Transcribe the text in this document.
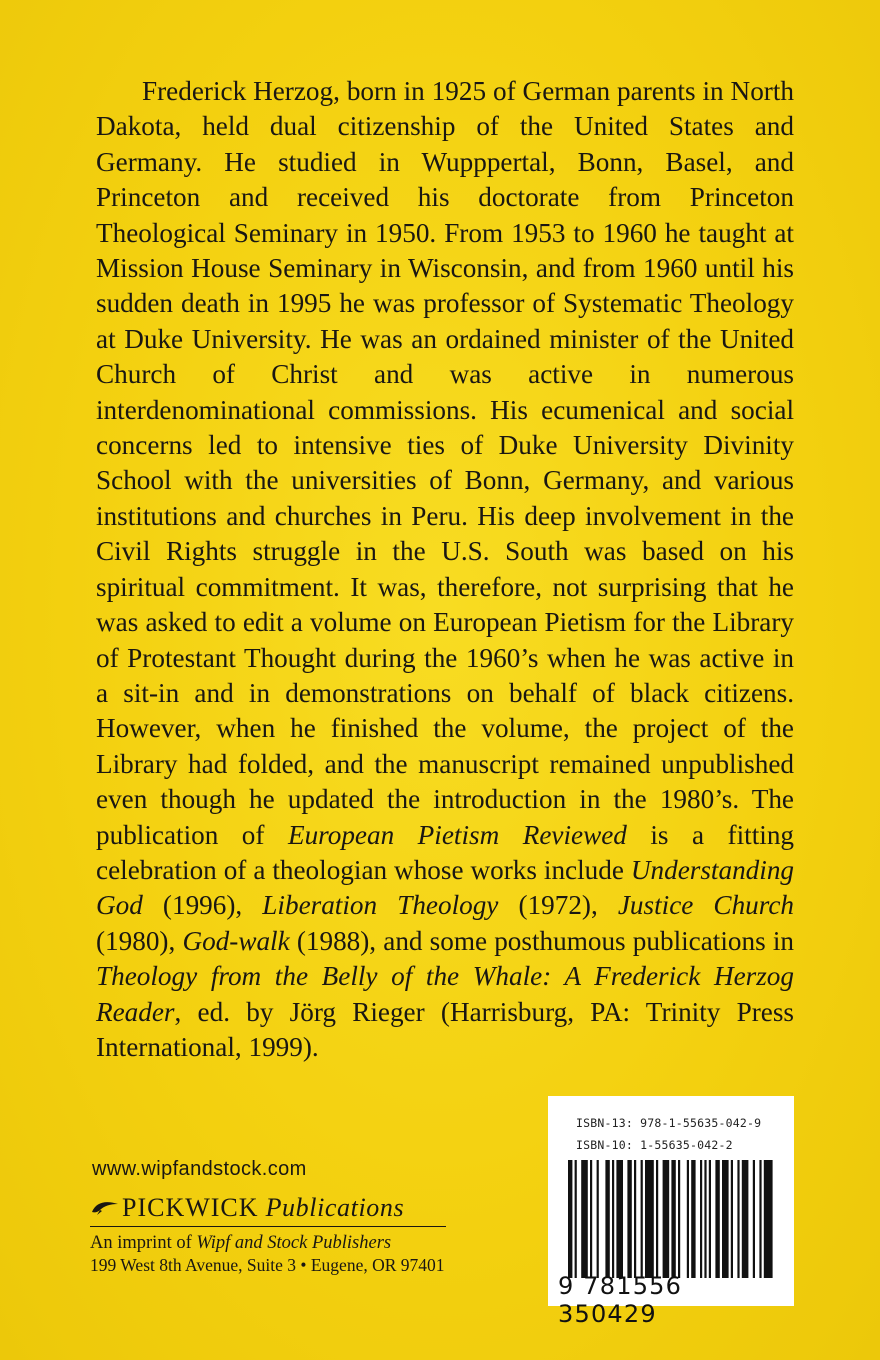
Frederick Herzog, born in 1925 of German parents in North Dakota, held dual citizenship of the United States and Germany. He studied in Wupppertal, Bonn, Basel, and Princeton and received his doctorate from Princeton Theological Seminary in 1950. From 1953 to 1960 he taught at Mission House Seminary in Wisconsin, and from 1960 until his sudden death in 1995 he was professor of Systematic Theology at Duke University. He was an ordained minister of the United Church of Christ and was active in numerous interdenominational commissions. His ecumenical and social concerns led to intensive ties of Duke University Divinity School with the universities of Bonn, Germany, and various institutions and churches in Peru. His deep involvement in the Civil Rights struggle in the U.S. South was based on his spiritual commitment. It was, therefore, not surprising that he was asked to edit a volume on European Pietism for the Library of Protestant Thought during the 1960’s when he was active in a sit-in and in demonstrations on behalf of black citizens. However, when he finished the volume, the project of the Library had folded, and the manuscript remained unpublished even though he updated the introduction in the 1980’s. The publication of European Pietism Reviewed is a fitting celebration of a theologian whose works include Understanding God (1996), Liberation Theology (1972), Justice Church (1980), God-walk (1988), and some posthumous publications in Theology from the Belly of the Whale: A Frederick Herzog Reader, ed. by Jörg Rieger (Harrisburg, PA: Trinity Press International, 1999).

www.wipfandstock.com
PICKWICK Publications
An imprint of Wipf and Stock Publishers
199 West 8th Avenue, Suite 3 • Eugene, OR 97401
ISBN-13: 978-1-55635-042-9
ISBN-10: 1-55635-042-2
9 781556 350429
